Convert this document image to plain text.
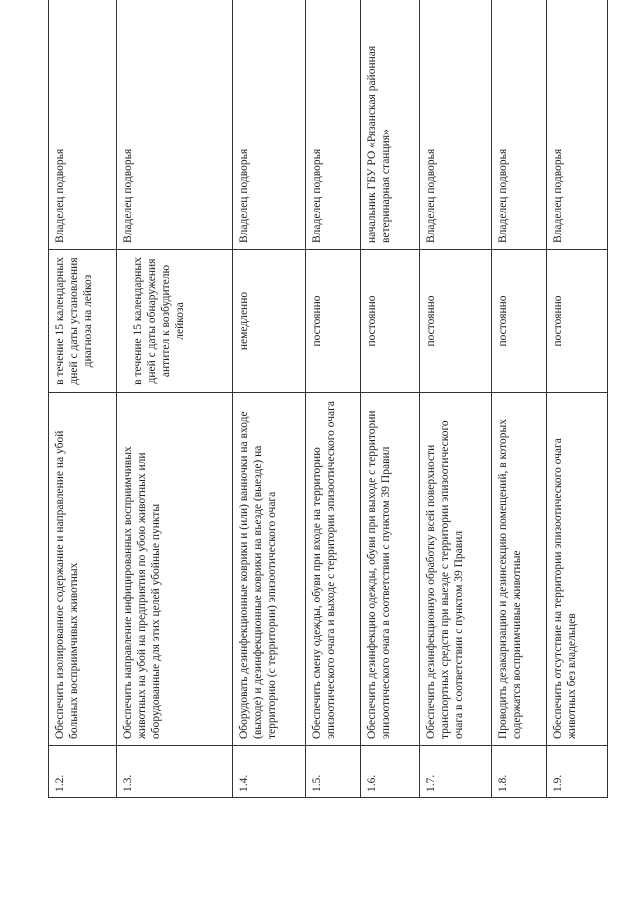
1.2.	Обеспечить изолированное содержание и направление на убой больных восприимчивых животных	в течение 15 календарных дней с даты установления диагноза на лейкоз	Владелец подворья
1.3.	Обеспечить направление инфицированных восприимчивых животных на убой на предприятия по убою животных или оборудованные для этих целей убойные пункты	в течение 15 календарных дней с даты обнаружения антител к возбудителю лейкоза	Владелец подворья
1.4.	Оборудовать дезинфекционные коврики и (или) ванночки на входе (выходе) и дезинфекционные коврики на въезде (выезде) на территорию (с территории) эпизоотического очага	немедленно	Владелец подворья
1.5.	Обеспечить смену одежды, обуви при входе на территорию эпизоотического очага и выходе с территории эпизоотического очага	постоянно	Владелец подворья
1.6.	Обеспечить дезинфекцию одежды, обуви при выходе с территории эпизоотического очага в соответствии с пунктом 39 Правил	постоянно	начальник ГБУ РО «Рязанская районная ветеринарная станция»
1.7.	Обеспечить дезинфекционную обработку всей поверхности транспортных средств при выезде с территории эпизоотического очага в соответствии с пунктом 39 Правил	постоянно	Владелец подворья
1.8.	Проводить дезакаризацию и дезинсекцию помещений, в которых содержатся восприимчивые животные	постоянно	Владелец подворья
1.9.	Обеспечить отсутствие на территории эпизоотического очага животных без владельцев	постоянно	Владелец подворья
